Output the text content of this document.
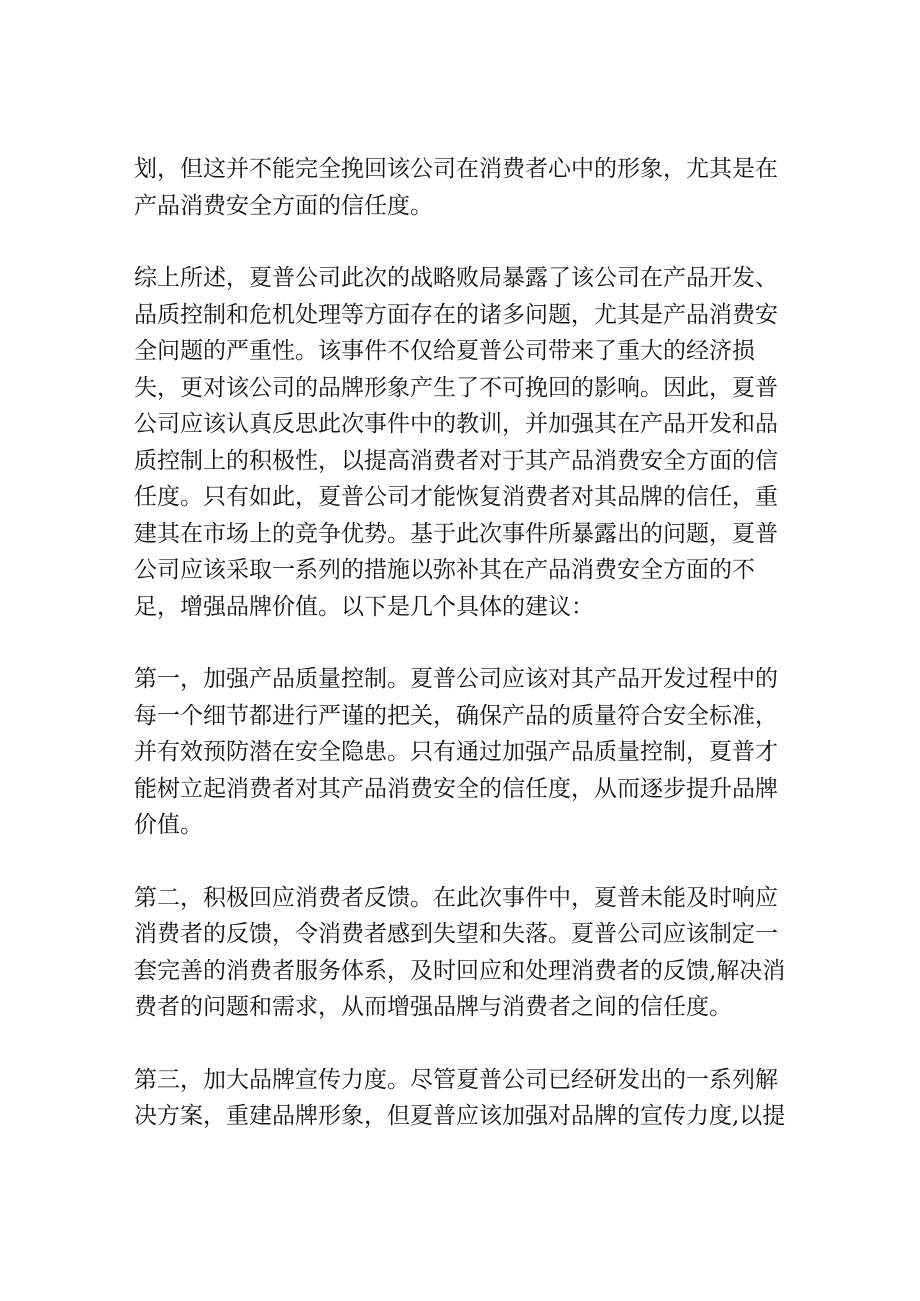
划，但这并不能完全挽回该公司在消费者心中的形象，尤其是在
产品消费安全方面的信任度。

综上所述，夏普公司此次的战略败局暴露了该公司在产品开发、
品质控制和危机处理等方面存在的诸多问题，尤其是产品消费安
全问题的严重性。该事件不仅给夏普公司带来了重大的经济损
失，更对该公司的品牌形象产生了不可挽回的影响。因此，夏普
公司应该认真反思此次事件中的教训，并加强其在产品开发和品
质控制上的积极性，以提高消费者对于其产品消费安全方面的信
任度。只有如此，夏普公司才能恢复消费者对其品牌的信任，重
建其在市场上的竞争优势。基于此次事件所暴露出的问题，夏普
公司应该采取一系列的措施以弥补其在产品消费安全方面的不
足，增强品牌价值。以下是几个具体的建议：

第一，加强产品质量控制。夏普公司应该对其产品开发过程中的
每一个细节都进行严谨的把关，确保产品的质量符合安全标准，
并有效预防潜在安全隐患。只有通过加强产品质量控制，夏普才
能树立起消费者对其产品消费安全的信任度，从而逐步提升品牌
价值。

第二，积极回应消费者反馈。在此次事件中，夏普未能及时响应
消费者的反馈，令消费者感到失望和失落。夏普公司应该制定一
套完善的消费者服务体系，及时回应和处理消费者的反馈,解决消
费者的问题和需求，从而增强品牌与消费者之间的信任度。

第三，加大品牌宣传力度。尽管夏普公司已经研发出的一系列解
决方案，重建品牌形象，但夏普应该加强对品牌的宣传力度,以提
